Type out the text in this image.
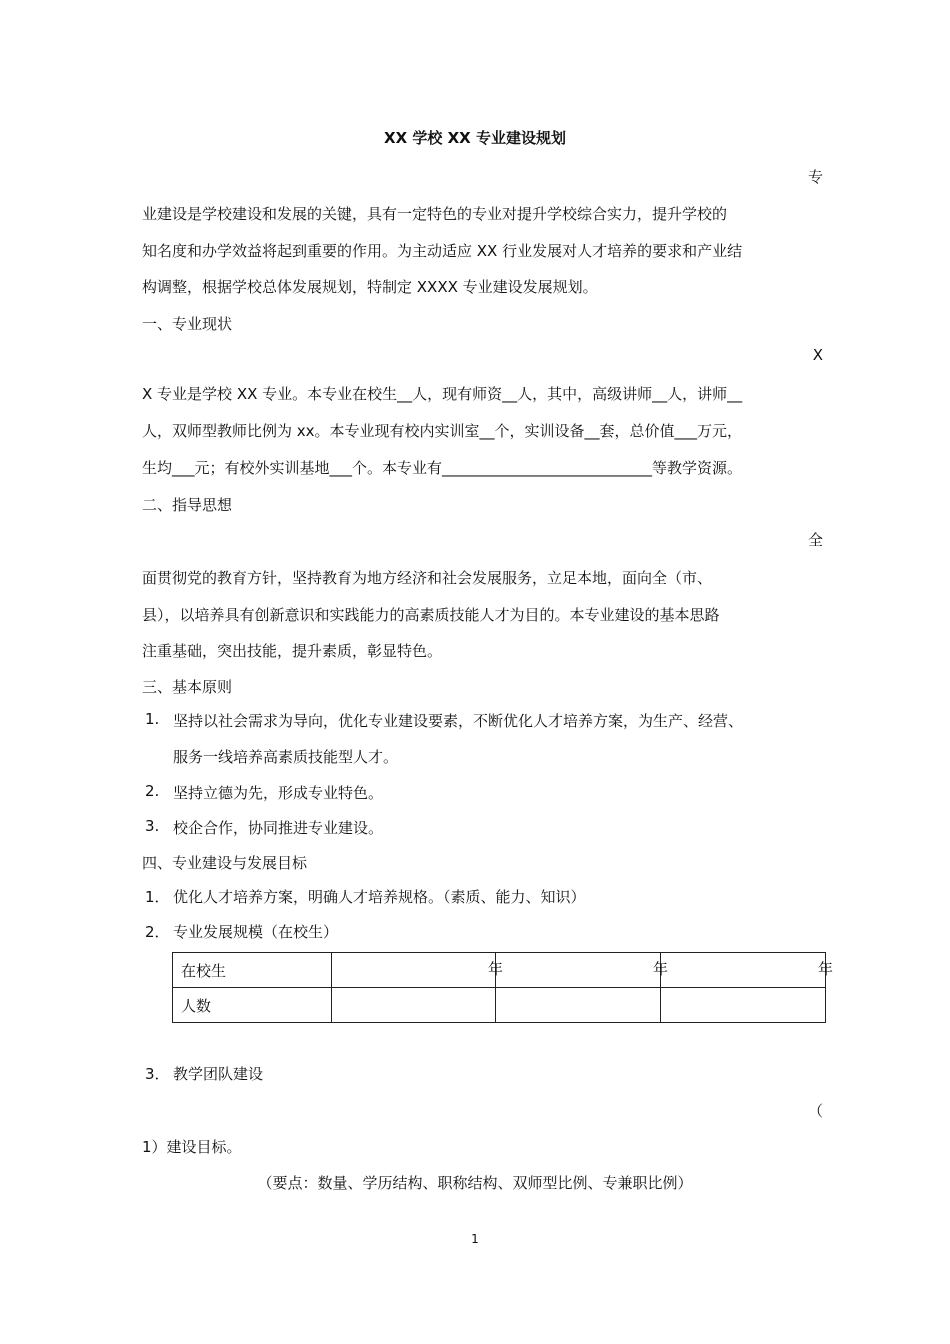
XX 学校 XX 专业建设规划
专
业建设是学校建设和发展的关键，具有一定特色的专业对提升学校综合实力，提升学校的
知名度和办学效益将起到重要的作用。为主动适应 XX 行业发展对人才培养的要求和产业结
构调整，根据学校总体发展规划，特制定 XXXX 专业建设发展规划。
一、专业现状
X
X 专业是学校 XX 专业。本专业在校生__人，现有师资__人，其中，高级讲师__人，讲师__
人，双师型教师比例为 xx。本专业现有校内实训室__个，实训设备__套，总价值___万元，
生均___元；有校外实训基地___个。本专业有____________________________等教学资源。
二、指导思想
全
面贯彻党的教育方针，坚持教育为地方经济和社会发展服务，立足本地，面向全（市、
县），以培养具有创新意识和实践能力的高素质技能人才为目的。本专业建设的基本思路
注重基础，突出技能，提升素质，彰显特色。
三、基本原则
1. 坚持以社会需求为导向，优化专业建设要素，不断优化人才培养方案，为生产、经营、
服务一线培养高素质技能型人才。
2. 坚持立德为先，形成专业特色。
3. 校企合作，协同推进专业建设。
四、专业建设与发展目标
1． 优化人才培养方案，明确人才培养规格。（素质、能力、知识）
2． 专业发展规模（在校生）
在校生	年	年	年

人数			
3． 教学团队建设
（
1）建设目标。
（要点：数量、学历结构、职称结构、双师型比例、专兼职比例）
1
